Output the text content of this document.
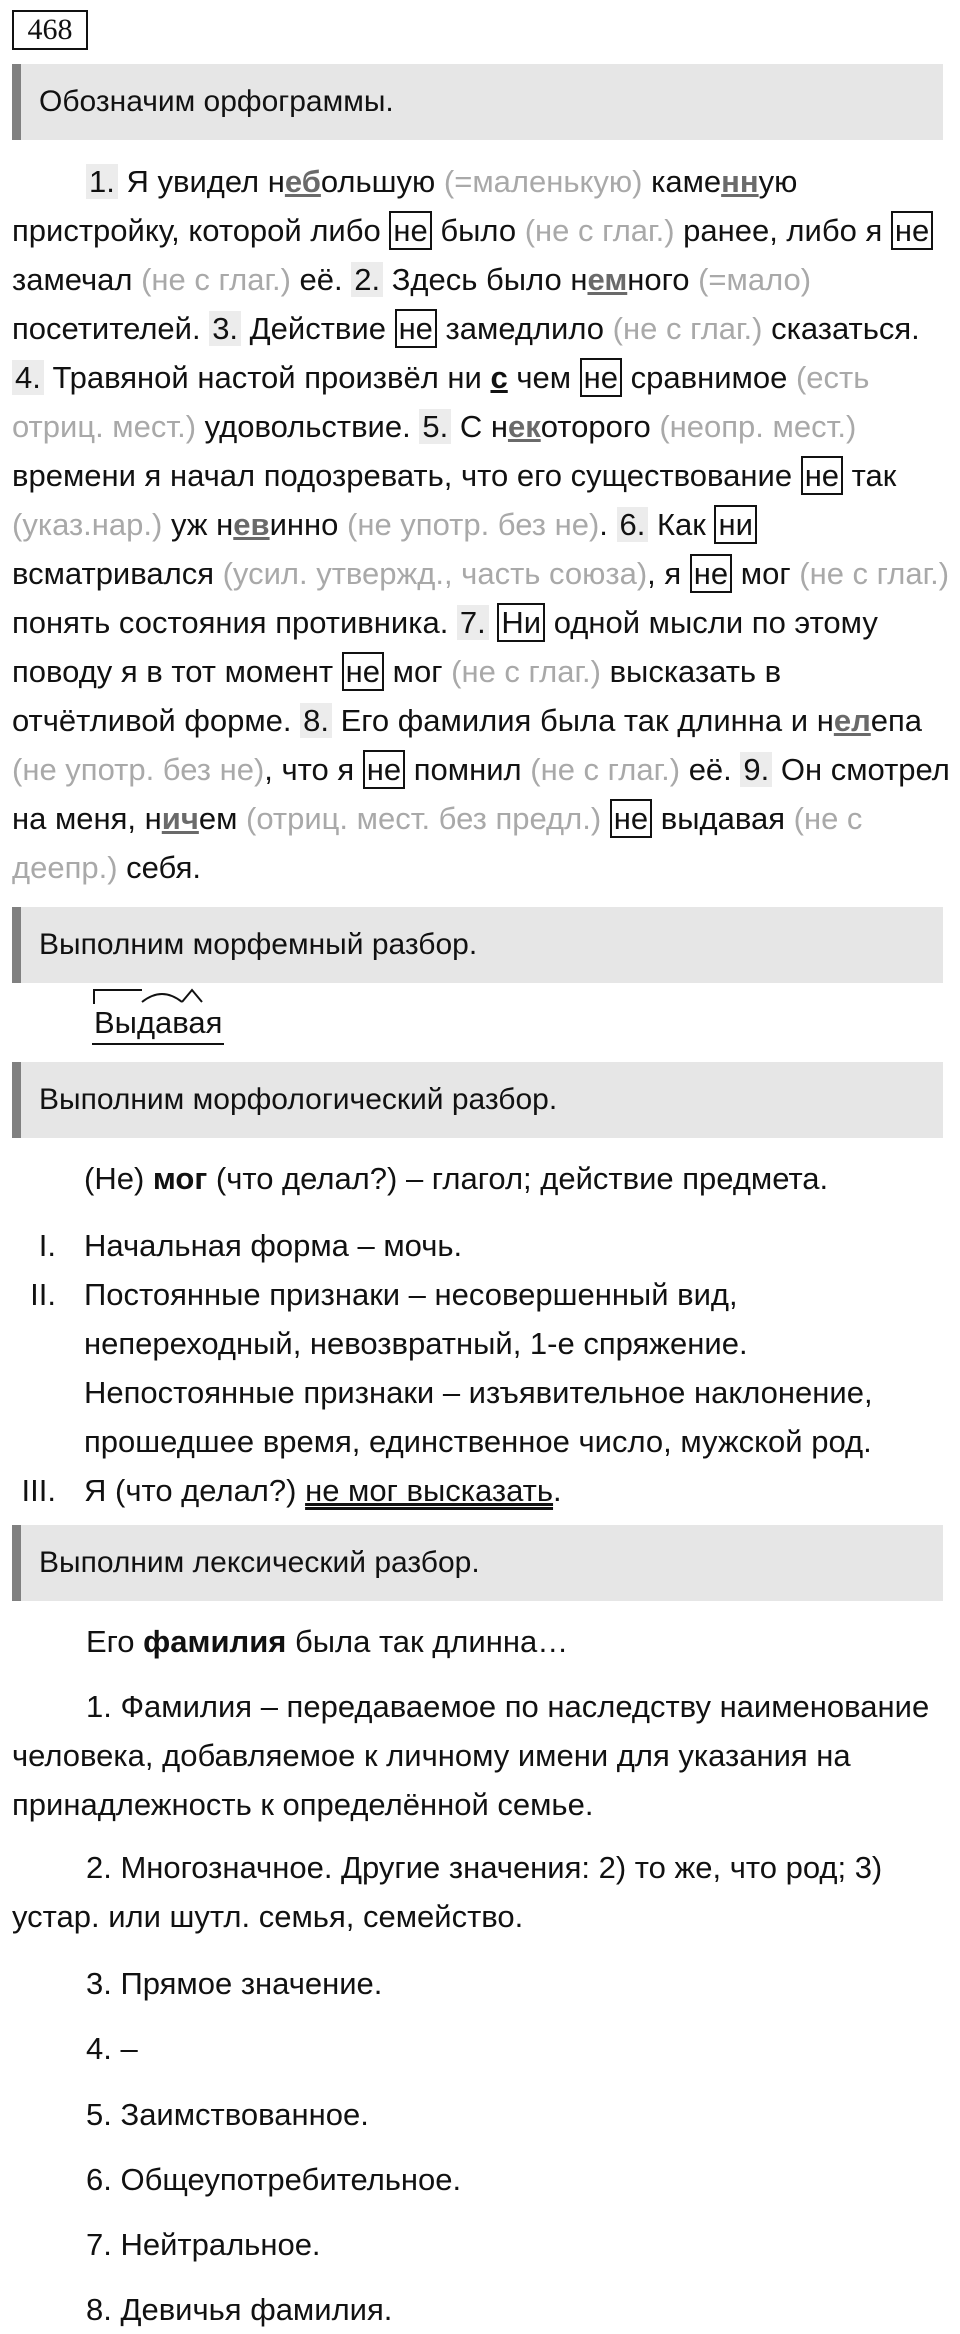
468
Обозначим орфограммы.
1. Я увидел небольшую (=маленькую) каменную пристройку, которой либо не было (не с глаг.) ранее, либо я не замечал (не с глаг.) её. 2. Здесь было немного (=мало) посетителей. 3. Действие не замедлило (не с глаг.) сказаться. 4. Травяной настой произвёл ни с чем не сравнимое (есть отриц. мест.) удовольствие. 5. С некоторого (неопр. мест.) времени я начал подозревать, что его существование не так (указ.нар.) уж невинно (не употр. без не). 6. Как ни всматривался (усил. утвержд., часть союза), я не мог (не с глаг.) понять состояния противника. 7. Ни одной мысли по этому поводу я в тот момент не мог (не с глаг.) высказать в отчётливой форме. 8. Его фамилия была так длинна и нелепа (не употр. без не), что я не помнил (не с глаг.) её. 9. Он смотрел на меня, ничем (отриц. мест. без предл.) не выдавая (не с деепр.) себя.
Выполним морфемный разбор.
Выдавая
Выполним морфологический разбор.
(Не) мог (что делал?) – глагол; действие предмета.
I. Начальная форма – мочь.
II. Постоянные признаки – несовершенный вид, непереходный, невозвратный, 1-е спряжение.
Непостоянные признаки – изъявительное наклонение, прошедшее время, единственное число, мужской род.
III. Я (что делал?) не мог высказать.
Выполним лексический разбор.
Его фамилия была так длинна…
1. Фамилия – передаваемое по наследству наименование человека, добавляемое к личному имени для указания на принадлежность к определённой семье.
2. Многозначное. Другие значения: 2) то же, что род; 3) устар. или шутл. семья, семейство.
3. Прямое значение.
4. –
5. Заимствованное.
6. Общеупотребительное.
7. Нейтральное.
8. Девичья фамилия.
